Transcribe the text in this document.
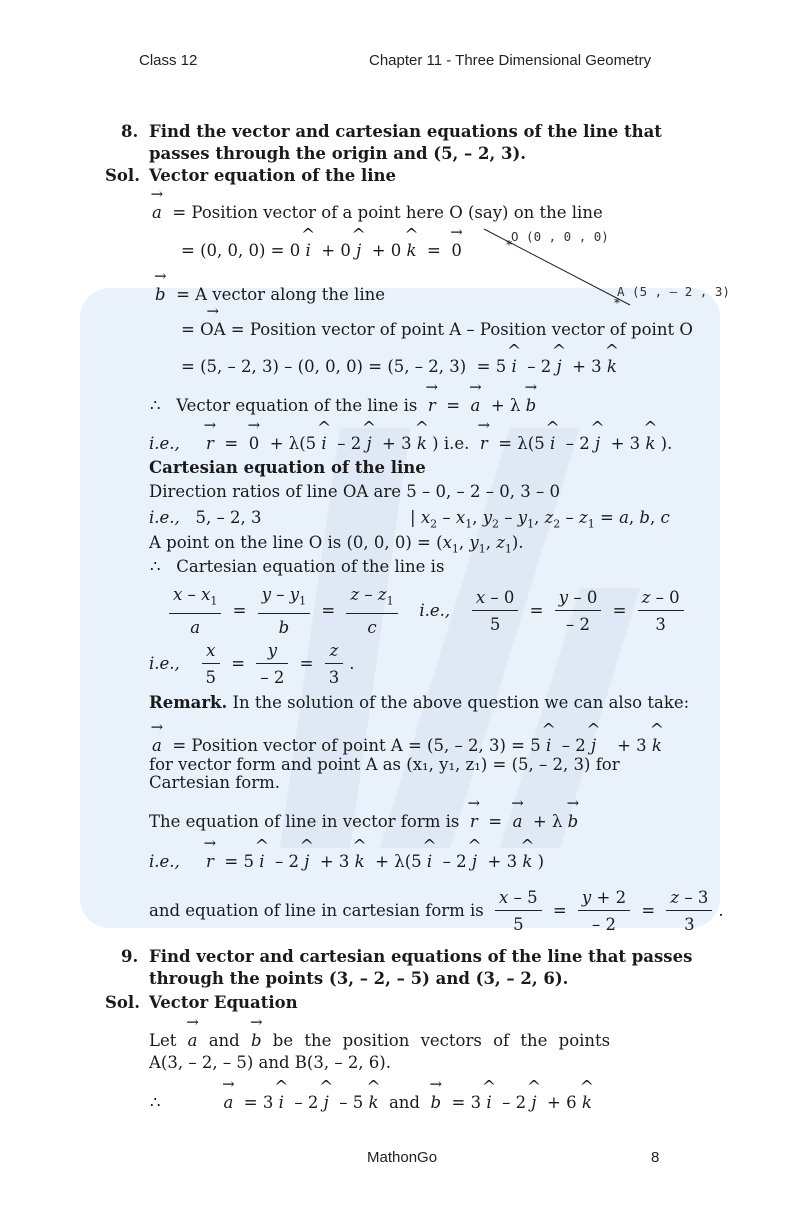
Class 12	Chapter 11 - Three Dimensional Geometry
*
*
O (0 , 0 , 0)
A (5 , – 2 , 3)
8. Find the vector and cartesian equations of the line that
passes through the origin and (5, – 2, 3).
Sol. Vector equation of the line
→ a = Position vector of a point here O (say) on the line
= (0, 0, 0) = 0 ^ i  + 0 ^ j  + 0 ^ k  =  → 0
→ b = A vector along the line
= → OA = Position vector of point A – Position vector of point O
= (5, – 2, 3) – (0, 0, 0) = (5, – 2, 3)  = 5 ^ i  – 2 ^ j  + 3 ^ k
∴   Vector equation of the line is → r  =  → a  + λ → b
i.e., → r  =  → 0  + λ(5 ^ i  – 2 ^ j  + 3 ^ k ) i.e. → r  = λ(5 ^ i  – 2 ^ j  + 3 ^ k ).
Cartesian equation of the line
Direction ratios of line OA are 5 – 0, – 2 – 0, 3 – 0
i.e., 5, – 2, 3	| $x_2 - x_1$, $y_2 - y_1$, $z_2 - z_1 = a$, b, c
A point on the line O is (0, 0, $0) = (x_1$, $y_1$, $z_1$).
∴   Cartesian equation of the line is
$\frac{x - x_1}{a} = \frac{y - y_1}{b} = \frac{z - z_1}{c} i.e$., $\frac{x - 0}{5} = \frac{y - 0}{- 2} = \frac{z - 0}{3}$
i.e., $\frac{x}{5} = \frac{y}{- 2} = \frac{z}{3}$ .
Remark. In the solution of the above question we can also take:
→ a = Position vector of point A = (5, – 2, 3) = 5 ^ i  – 2 ^ j    + 3 ^ k
for vector form and point A as (x₁, y₁, z₁) = (5, – 2, 3) for
Cartesian form.
The equation of line in vector form is → r  =  → a  + λ → b
i.e., → r  = 5 ^ i  – 2 ^ j  + 3 ^ k  + λ(5 ^ i  – 2 ^ j  + 3 ^ k )
and equation of line in cartesian form is $\frac{x - 5}{5} = \frac{y + 2}{- 2} = \frac{z - 3}{3}$ .
9. Find vector and cartesian equations of the line that passes
through the points (3, – 2, – 5) and (3, – 2, 6).
Sol. Vector Equation
Let → a and → b be the position vectors of the points
A(3, – 2, – 5) and B(3, – 2, 6).
∴            → a  = 3 ^ i  – 2 ^ j  – 5 ^ k and → b  = 3 ^ i  – 2 ^ j  + 6 ^ k
MathonGo	8
